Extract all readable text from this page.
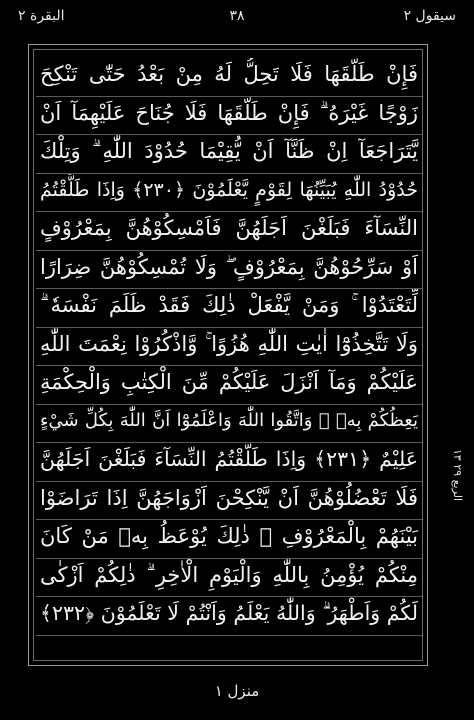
البقرة ٢	٣٨	سيقول ٢
فَإِنْ طَلَّقَهَا فَلَا تَحِلُّ لَهُ مِنْ بَعْدُ حَتّٰى تَنْكِحَ
زَوْجًا غَيْرَهُ ۗ فَإِنْ طَلَّقَهَا فَلَا جُنَاحَ عَلَيْهِمَآ اَنْ
يَّتَرَاجَعَآ اِنْ ظَنَّآ اَنْ يُّقِيْمَا حُدُوْدَ اللّٰهِ ۗ وَتِلْكَ
حُدُوْدُ اللّٰهِ يُبَيِّنُهَا لِقَوْمٍ يَّعْلَمُوْنَ ﴿٢٣٠﴾ وَاِذَا طَلَّقْتُمُ
النِّسَآءَ فَبَلَغْنَ اَجَلَهُنَّ فَاَمْسِكُوْهُنَّ بِمَعْرُوْفٍ
اَوْ سَرِّحُوْهُنَّ بِمَعْرُوْفٍ ۖ وَلَا تُمْسِكُوْهُنَّ ضِرَارًا
لِّتَعْتَدُوْا ۚ وَمَنْ يَّفْعَلْ ذٰلِكَ فَقَدْ ظَلَمَ نَفْسَهٗ ۗ
وَلَا تَتَّخِذُوْٓا اٰيٰتِ اللّٰهِ هُزُوًا ۚ وَّاذْكُرُوْا نِعْمَتَ اللّٰهِ
عَلَيْكُمْ وَمَآ اَنْزَلَ عَلَيْكُمْ مِّنَ الْكِتٰبِ وَالْحِكْمَةِ
يَعِظُكُمْ بِهٖ ۗ وَاتَّقُوا اللّٰهَ وَاعْلَمُوْٓا اَنَّ اللّٰهَ بِكُلِّ شَيْءٍ
عَلِيْمٌ ﴿٢٣١﴾ وَاِذَا طَلَّقْتُمُ النِّسَآءَ فَبَلَغْنَ اَجَلَهُنَّ
فَلَا تَعْضُلُوْهُنَّ اَنْ يَّنْكِحْنَ اَزْوَاجَهُنَّ اِذَا تَرَاضَوْا
بَيْنَهُمْ بِالْمَعْرُوْفِ ۗ ذٰلِكَ يُوْعَظُ بِهٖ مَنْ كَانَ
مِنْكُمْ يُؤْمِنُ بِاللّٰهِ وَالْيَوْمِ الْاٰخِرِ ۗ ذٰلِكُمْ اَزْكٰى
لَكُمْ وَاَطْهَرُ ۗ وَاللّٰهُ يَعْلَمُ وَاَنْتُمْ لَا تَعْلَمُوْنَ ﴿٢٣٢﴾
الربع ٢٩ ١٣
منزل ١
